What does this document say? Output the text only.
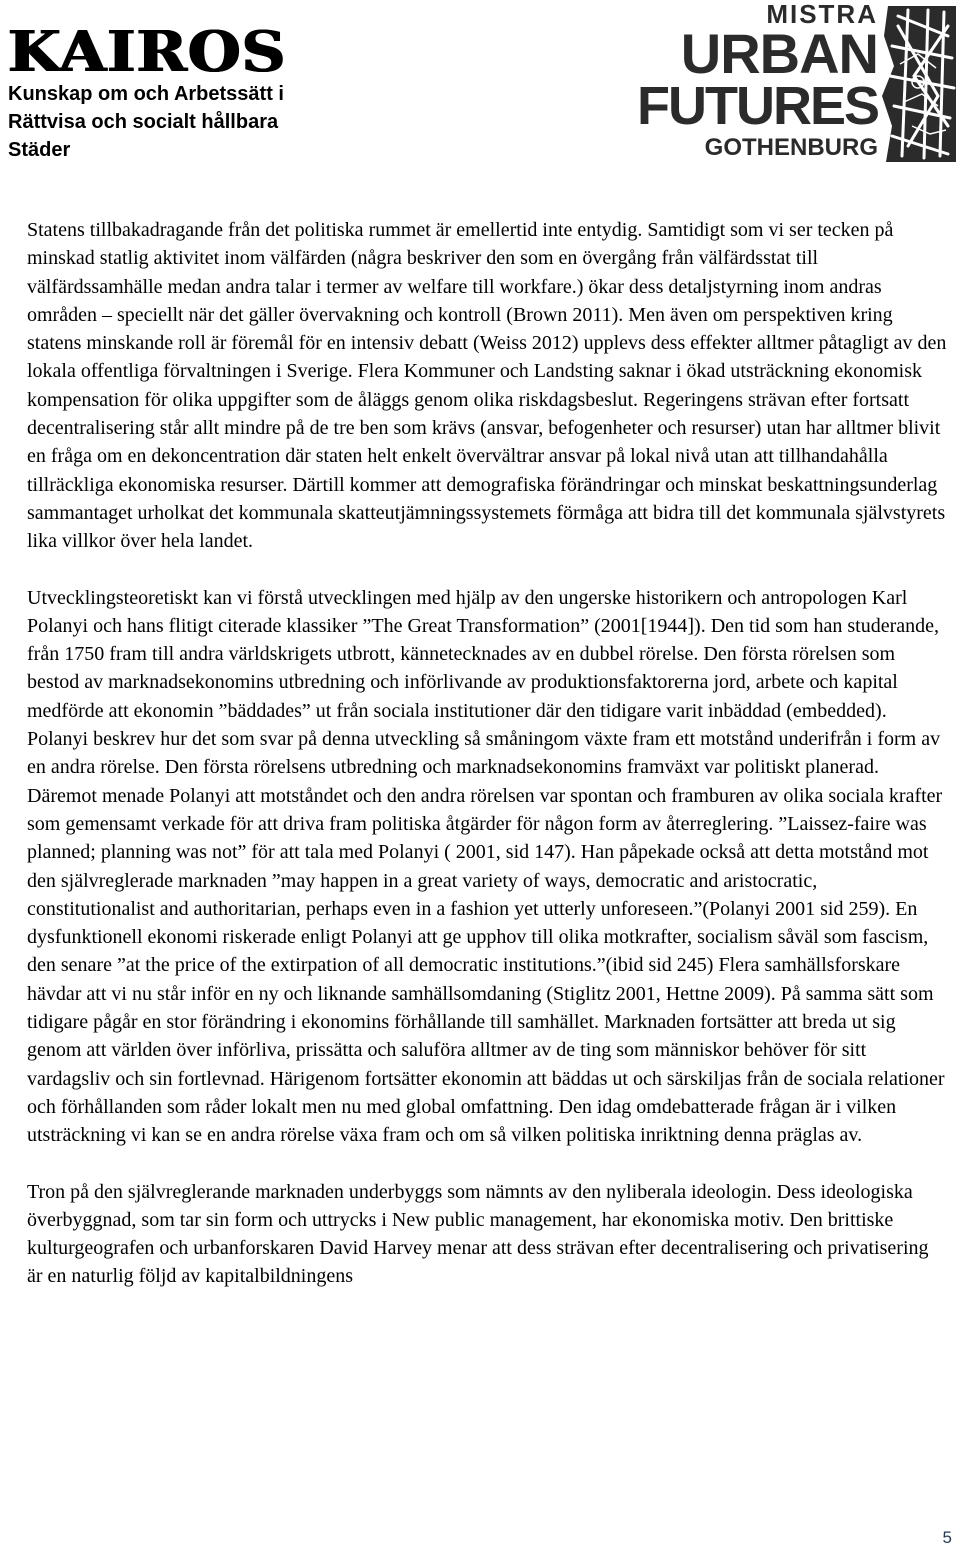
KAIROS
Kunskap om och Arbetssätt i
Rättvisa och socialt hållbara
Städer
MISTRA
URBAN
FUTURES
GOTHENBURG

Statens tillbakadragande från det politiska rummet är emellertid inte entydig. Samtidigt som vi ser tecken på minskad statlig aktivitet inom välfärden (några beskriver den som en övergång från välfärdsstat till välfärdssamhälle medan andra talar i termer av welfare till workfare.) ökar dess detaljstyrning inom andras områden – speciellt när det gäller övervakning och kontroll (Brown 2011). Men även om perspektiven kring statens minskande roll är föremål för en intensiv debatt (Weiss 2012) upplevs dess effekter alltmer påtagligt av den lokala offentliga förvaltningen i Sverige. Flera Kommuner och Landsting saknar i ökad utsträckning ekonomisk kompensation för olika uppgifter som de åläggs genom olika riskdagsbeslut. Regeringens strävan efter fortsatt decentralisering står allt mindre på de tre ben som krävs (ansvar, befogenheter och resurser) utan har alltmer blivit en fråga om en dekoncentration där staten helt enkelt övervältrar ansvar på lokal nivå utan att tillhandahålla tillräckliga ekonomiska resurser. Därtill kommer att demografiska förändringar och minskat beskattningsunderlag sammantaget urholkat det kommunala skatteutjämningssystemets förmåga att bidra till det kommunala självstyrets lika villkor över hela landet.

Utvecklingsteoretiskt kan vi förstå utvecklingen med hjälp av den ungerske historikern och antropologen Karl Polanyi och hans flitigt citerade klassiker ”The Great Transformation” (2001[1944]). Den tid som han studerande, från 1750 fram till andra världskrigets utbrott, kännetecknades av en dubbel rörelse. Den första rörelsen som bestod av marknadsekonomins utbredning och införlivande av produktionsfaktorerna jord, arbete och kapital medförde att ekonomin ”bäddades” ut från sociala institutioner där den tidigare varit inbäddad (embedded). Polanyi beskrev hur det som svar på denna utveckling så småningom växte fram ett motstånd underifrån i form av en andra rörelse. Den första rörelsens utbredning och marknadsekonomins framväxt var politiskt planerad. Däremot menade Polanyi att motståndet och den andra rörelsen var spontan och framburen av olika sociala krafter som gemensamt verkade för att driva fram politiska åtgärder för någon form av återreglering. ”Laissez-faire was planned; planning was not” för att tala med Polanyi ( 2001, sid 147). Han påpekade också att detta motstånd mot den självreglerade marknaden ”may happen in a great variety of ways, democratic and aristocratic, constitutionalist and authoritarian, perhaps even in a fashion yet utterly unforeseen.”(Polanyi 2001 sid 259). En dysfunktionell ekonomi riskerade enligt Polanyi att ge upphov till olika motkrafter, socialism såväl som fascism, den senare ”at the price of the extirpation of all democratic institutions.”(ibid sid 245) Flera samhällsforskare hävdar att vi nu står inför en ny och liknande samhällsomdaning (Stiglitz 2001, Hettne 2009). På samma sätt som tidigare pågår en stor förändring i ekonomins förhållande till samhället. Marknaden fortsätter att breda ut sig genom att världen över införliva, prissätta och saluföra alltmer av de ting som människor behöver för sitt vardagsliv och sin fortlevnad. Härigenom fortsätter ekonomin att bäddas ut och särskiljas från de sociala relationer och förhållanden som råder lokalt men nu med global omfattning. Den idag omdebatterade frågan är i vilken utsträckning vi kan se en andra rörelse växa fram och om så vilken politiska inriktning denna präglas av.

Tron på den självreglerande marknaden underbyggs som nämnts av den nyliberala ideologin. Dess ideologiska överbyggnad, som tar sin form och uttrycks i New public management, har ekonomiska motiv. Den brittiske kulturgeografen och urbanforskaren David Harvey menar att dess strävan efter decentralisering och privatisering är en naturlig följd av kapitalbildningens

5
